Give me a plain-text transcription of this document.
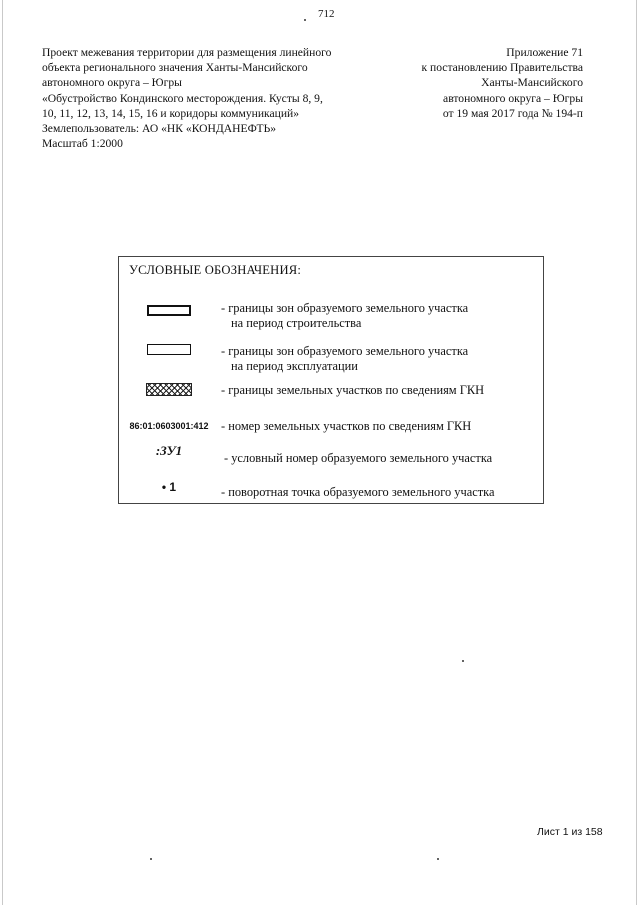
712
Проект межевания территории для размещения линейного
объекта регионального значения Ханты-Мансийского
автономного округа – Югры
«Обустройство Кондинского месторождения. Кусты 8, 9,
10, 11, 12, 13, 14, 15, 16 и коридоры коммуникаций»
Землепользователь: АО «НК «КОНДАНЕФТЬ»
Масштаб 1:2000
Приложение 71
к постановлению Правительства
Ханты-Мансийского
автономного округа – Югры
от 19 мая 2017 года № 194-п
УСЛОВНЫЕ ОБОЗНАЧЕНИЯ:
- границы зон образуемого земельного участка
на период строительства
- границы зон образуемого земельного участка
на период эксплуатации
- границы земельных участков по сведениям ГКН
86:01:0603001:412 - номер земельных участков по сведениям ГКН
:ЗУ1	- условный номер образуемого земельного участка
• 1	- поворотная точка образуемого земельного участка
Лист 1 из 158
